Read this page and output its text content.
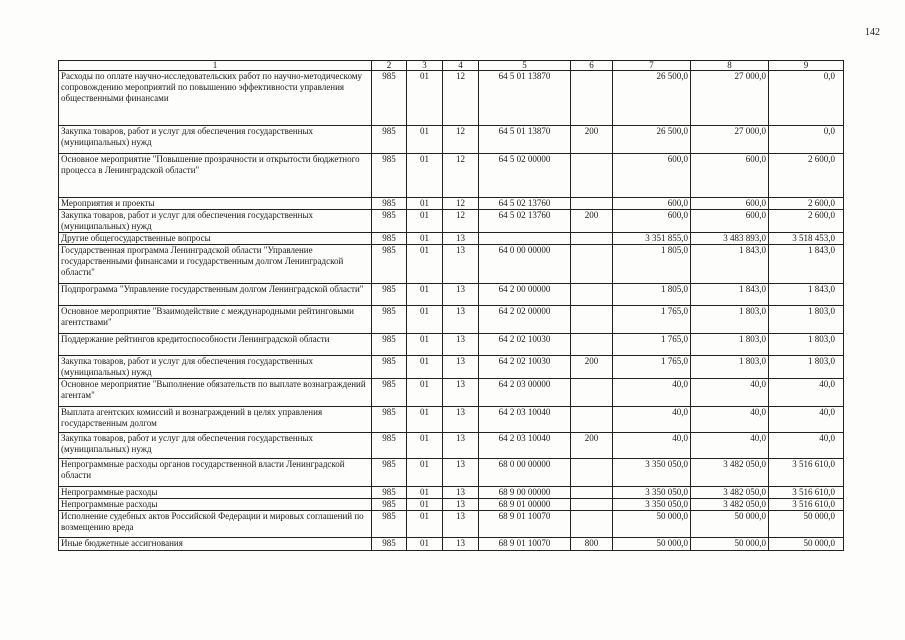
142
1	2	3	4	5	6	7	8	9
Расходы по оплате научно-исследовательских работ по научно-методическому сопровождению мероприятий по повышению эффективности управления общественными финансами	985	01	12	64 5 01 13870		26 500,0	27 000,0	0,0
Закупка товаров, работ и услуг для обеспечения государственных (муниципальных) нужд	985	01	12	64 5 01 13870	200	26 500,0	27 000,0	0,0
Основное мероприятие "Повышение прозрачности и открытости бюджетного процесса в Ленинградской области"	985	01	12	64 5 02 00000		600,0	600,0	2 600,0
Мероприятия и проекты	985	01	12	64 5 02 13760		600,0	600,0	2 600,0
Закупка товаров, работ и услуг для обеспечения государственных (муниципальных) нужд	985	01	12	64 5 02 13760	200	600,0	600,0	2 600,0
Другие общегосударственные вопросы	985	01	13			3 351 855,0	3 483 893,0	3 518 453,0
Государственная программа Ленинградской области "Управление государственными финансами и государственным долгом Ленинградской области"	985	01	13	64 0 00 00000		1 805,0	1 843,0	1 843,0
Подпрограмма "Управление государственным долгом Ленинградской области"	985	01	13	64 2 00 00000		1 805,0	1 843,0	1 843,0
Основное мероприятие "Взаимодействие с международными рейтинговыми агентствами"	985	01	13	64 2 02 00000		1 765,0	1 803,0	1 803,0
Поддержание рейтингов кредитоспособности Ленинградской области	985	01	13	64 2 02 10030		1 765,0	1 803,0	1 803,0
Закупка товаров, работ и услуг для обеспечения государственных (муниципальных) нужд	985	01	13	64 2 02 10030	200	1 765,0	1 803,0	1 803,0
Основное мероприятие "Выполнение обязательств по выплате вознаграждений агентам"	985	01	13	64 2 03 00000		40,0	40,0	40,0
Выплата агентских комиссий и вознаграждений в целях управления государственным долгом	985	01	13	64 2 03 10040		40,0	40,0	40,0
Закупка товаров, работ и услуг для обеспечения государственных (муниципальных) нужд	985	01	13	64 2 03 10040	200	40,0	40,0	40,0
Непрограммные расходы органов государственной власти Ленинградской области	985	01	13	68 0 00 00000		3 350 050,0	3 482 050,0	3 516 610,0
Непрограммные расходы	985	01	13	68 9 00 00000		3 350 050,0	3 482 050,0	3 516 610,0
Непрограммные расходы	985	01	13	68 9 01 00000		3 350 050,0	3 482 050,0	3 516 610,0
Исполнение судебных актов Российской Федерации и мировых соглашений по возмещению вреда	985	01	13	68 9 01 10070		50 000,0	50 000,0	50 000,0
Иные бюджетные ассигнования	985	01	13	68 9 01 10070	800	50 000,0	50 000,0	50 000,0
